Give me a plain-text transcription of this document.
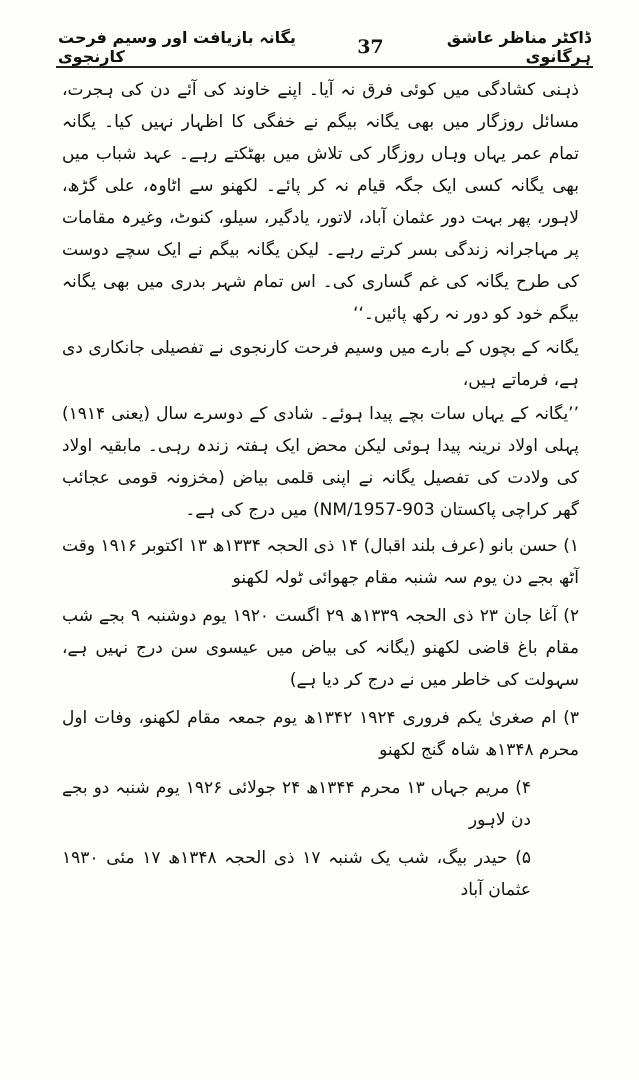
ڈاکٹر مناظر عاشق ہرگانوی
37
یگانہ بازیافت اور وسیم فرحت کارنجوی

ذہنی کشادگی میں کوئی فرق نہ آیا۔ اپنے خاوند کی آئے دن کی ہجرت، مسائل روزگار میں بھی یگانہ بیگم نے خفگی کا اظہار نہیں کیا۔ یگانہ تمام عمر یہاں وہاں روزگار کی تلاش میں بھٹکتے رہے۔ عہد شباب میں بھی یگانہ کسی ایک جگہ قیام نہ کر پائے۔ لکھنو سے اٹاوہ، علی گڑھ، لاہور، پھر بہت دور عثمان آباد، لاتور، یادگیر، سیلو، کنوٹ، وغیرہ مقامات پر مہاجرانہ زندگی بسر کرتے رہے۔ لیکن یگانہ بیگم نے ایک سچے دوست کی طرح یگانہ کی غم گساری کی۔ اس تمام شہر بدری میں بھی یگانہ بیگم خود کو دور نہ رکھ پائیں۔‘‘

یگانہ کے بچوں کے بارے میں وسیم فرحت کارنجوی نے تفصیلی جانکاری دی ہے، فرماتے ہیں،

’’یگانہ کے یہاں سات بچے پیدا ہوئے۔ شادی کے دوسرے سال (یعنی ۱۹۱۴) پہلی اولاد نرینہ پیدا ہوئی لیکن محض ایک ہفتہ زندہ رہی۔ مابقیہ اولاد کی ولادت کی تفصیل یگانہ نے اپنی قلمی بیاض (مخزونہ قومی عجائب گھر کراچی پاکستان NM/1957-903) میں درج کی ہے۔

۱) حسن بانو (عرف بلند اقبال) ۱۴ ذی الحجہ ۱۳۳۴ھ ۱۳ اکتوبر ۱۹۱۶ وقت آٹھ بجے دن یوم سہ شنبہ مقام جھوائی ٹولہ لکھنو

۲) آغا جان ۲۳ ذی الحجہ ۱۳۳۹ھ ۲۹ اگست ۱۹۲۰ یوم دوشنبہ ۹ بجے شب مقام باغ قاضی لکھنو (یگانہ کی بیاض میں عیسوی سن درج نہیں ہے، سہولت کی خاطر میں نے درج کر دیا ہے)

۳) ام صغریٰ یکم فروری ۱۹۲۴ ۱۳۴۲ھ یوم جمعہ مقام لکھنو، وفات اول محرم ۱۳۴۸ھ شاہ گنج لکھنو

۴) مریم جہاں ۱۳ محرم ۱۳۴۴ھ ۲۴ جولائی ۱۹۲۶ یوم شنبہ دو بجے دن لاہور

۵) حیدر بیگ، شب یک شنبہ ۱۷ ذی الحجہ ۱۳۴۸ھ ۱۷ مئی ۱۹۳۰ عثمان آباد
